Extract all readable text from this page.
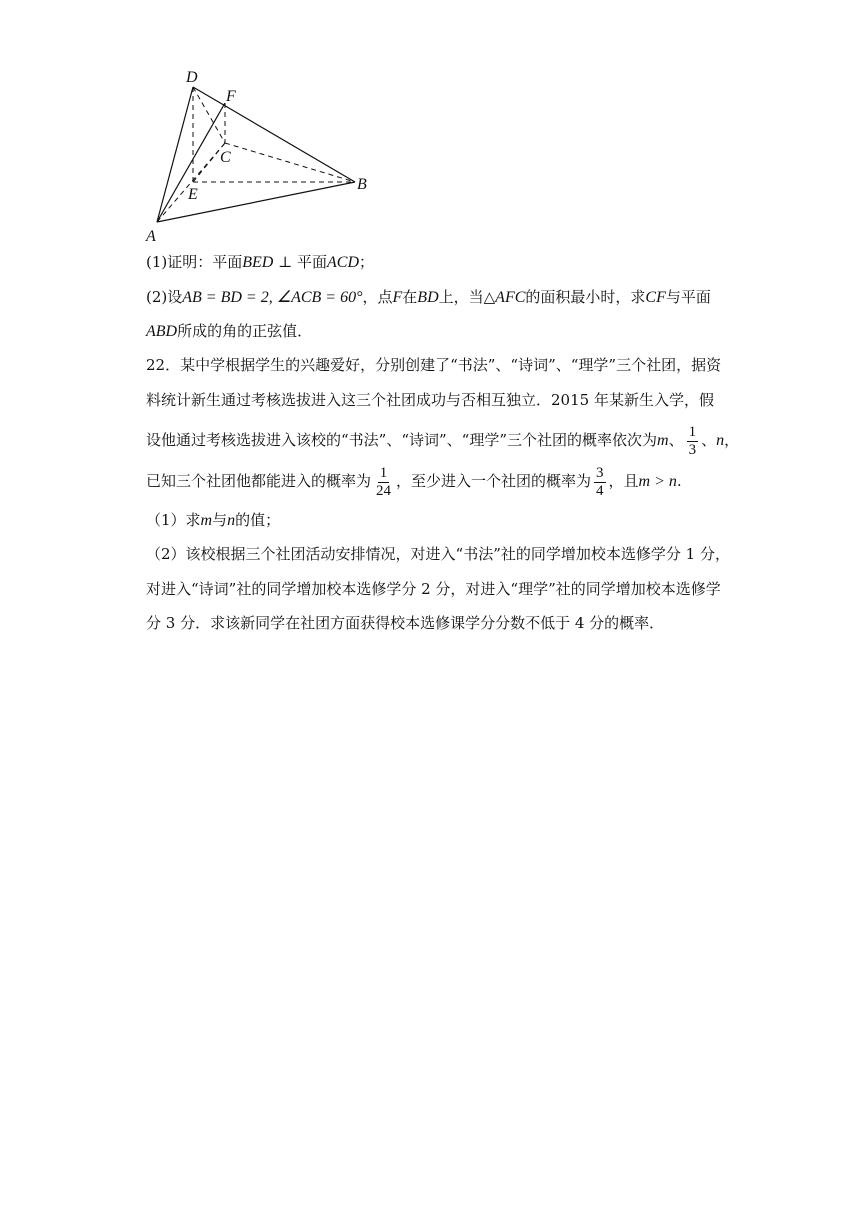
D
F
C
E
B
A
(1)证明：平面BED ⊥ 平面ACD；
(2)设AB = BD = 2, ∠ACB = 60°，点F在BD上，当△AFC的面积最小时，求CF与平面
ABD所成的角的正弦值．
22．某中学根据学生的兴趣爱好，分别创建了“书法”、“诗词”、“理学”三个社团，据资
料统计新生通过考核选拔进入这三个社团成功与否相互独立．2015 年某新生入学，假
设他通过考核选拔进入该校的“书法”、“诗词”、“理学”三个社团的概率依次为m、 $\frac{1}{3}$ 、n，
已知三个社团他都能进入的概率为 $\frac{1}{24}$ ，至少进入一个社团的概率为 $\frac{3}{4}$ ，且m > n.
（1）求m与n的值；
（2）该校根据三个社团活动安排情况，对进入“书法”社的同学增加校本选修学分 1 分，
对进入“诗词”社的同学增加校本选修学分 2 分，对进入“理学”社的同学增加校本选修学
分 3 分．求该新同学在社团方面获得校本选修课学分分数不低于 4 分的概率．
